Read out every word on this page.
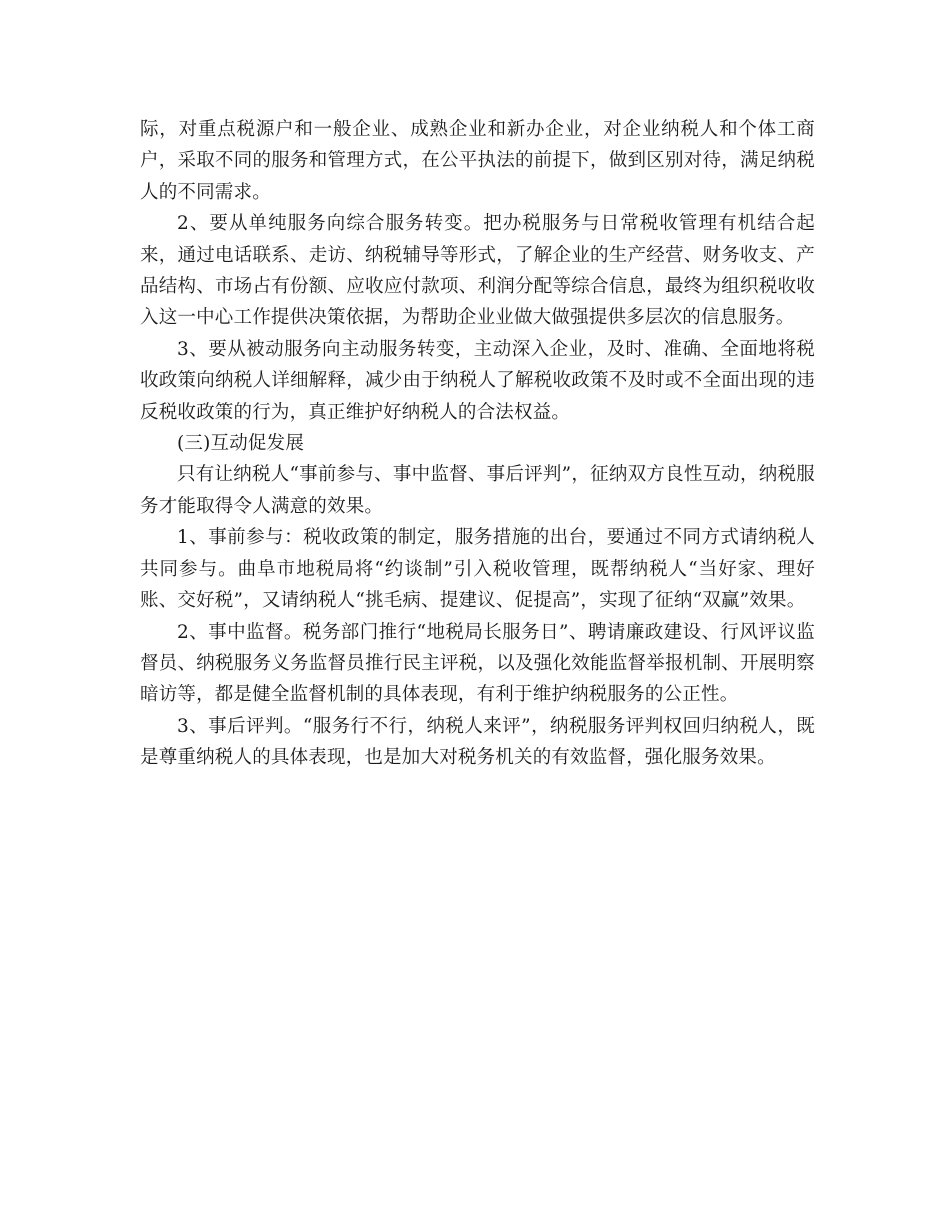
际，对重点税源户和一般企业、成熟企业和新办企业，对企业纳税人和个体工商户，采取不同的服务和管理方式，在公平执法的前提下，做到区别对待，满足纳税人的不同需求。

2、要从单纯服务向综合服务转变。把办税服务与日常税收管理有机结合起来，通过电话联系、走访、纳税辅导等形式，了解企业的生产经营、财务收支、产品结构、市场占有份额、应收应付款项、利润分配等综合信息，最终为组织税收收入这一中心工作提供决策依据，为帮助企业业做大做强提供多层次的信息服务。

3、要从被动服务向主动服务转变，主动深入企业，及时、准确、全面地将税收政策向纳税人详细解释，减少由于纳税人了解税收政策不及时或不全面出现的违反税收政策的行为，真正维护好纳税人的合法权益。

(三)互动促发展

只有让纳税人“事前参与、事中监督、事后评判”，征纳双方良性互动，纳税服务才能取得令人满意的效果。

1、事前参与：税收政策的制定，服务措施的出台，要通过不同方式请纳税人共同参与。曲阜市地税局将“约谈制”引入税收管理，既帮纳税人“当好家、理好账、交好税”，又请纳税人“挑毛病、提建议、促提高”，实现了征纳“双赢”效果。

2、事中监督。税务部门推行“地税局长服务日”、聘请廉政建设、行风评议监督员、纳税服务义务监督员推行民主评税，以及强化效能监督举报机制、开展明察暗访等，都是健全监督机制的具体表现，有利于维护纳税服务的公正性。

3、事后评判。“服务行不行，纳税人来评”，纳税服务评判权回归纳税人，既是尊重纳税人的具体表现，也是加大对税务机关的有效监督，强化服务效果。
